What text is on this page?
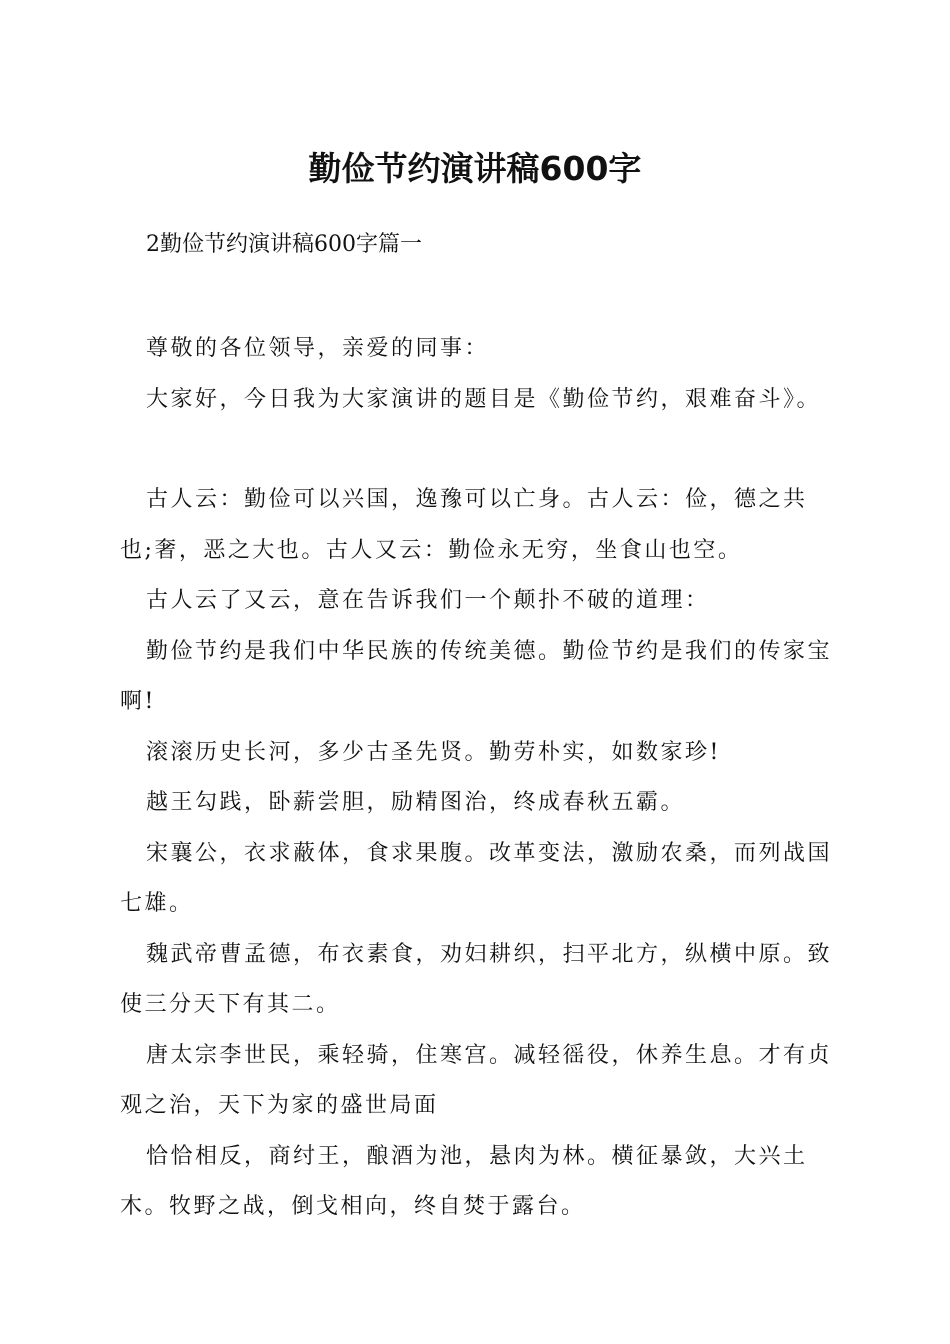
勤俭节约演讲稿600字
2勤俭节约演讲稿600字篇一

尊敬的各位领导，亲爱的同事：

大家好，今日我为大家演讲的题目是《勤俭节约，艰难奋斗》。

古人云：勤俭可以兴国，逸豫可以亡身。古人云：俭，德之共也;奢，恶之大也。古人又云：勤俭永无穷，坐食山也空。

古人云了又云，意在告诉我们一个颠扑不破的道理：

勤俭节约是我们中华民族的传统美德。勤俭节约是我们的传家宝啊!

滚滚历史长河，多少古圣先贤。勤劳朴实，如数家珍!

越王勾践，卧薪尝胆，励精图治，终成春秋五霸。

宋襄公，衣求蔽体，食求果腹。改革变法，激励农桑，而列战国七雄。

魏武帝曹孟德，布衣素食，劝妇耕织，扫平北方，纵横中原。致使三分天下有其二。

唐太宗李世民，乘轻骑，住寒宫。减轻徭役，休养生息。才有贞观之治，天下为家的盛世局面

恰恰相反，商纣王，酿酒为池，悬肉为林。横征暴敛，大兴土木。牧野之战，倒戈相向，终自焚于露台。
